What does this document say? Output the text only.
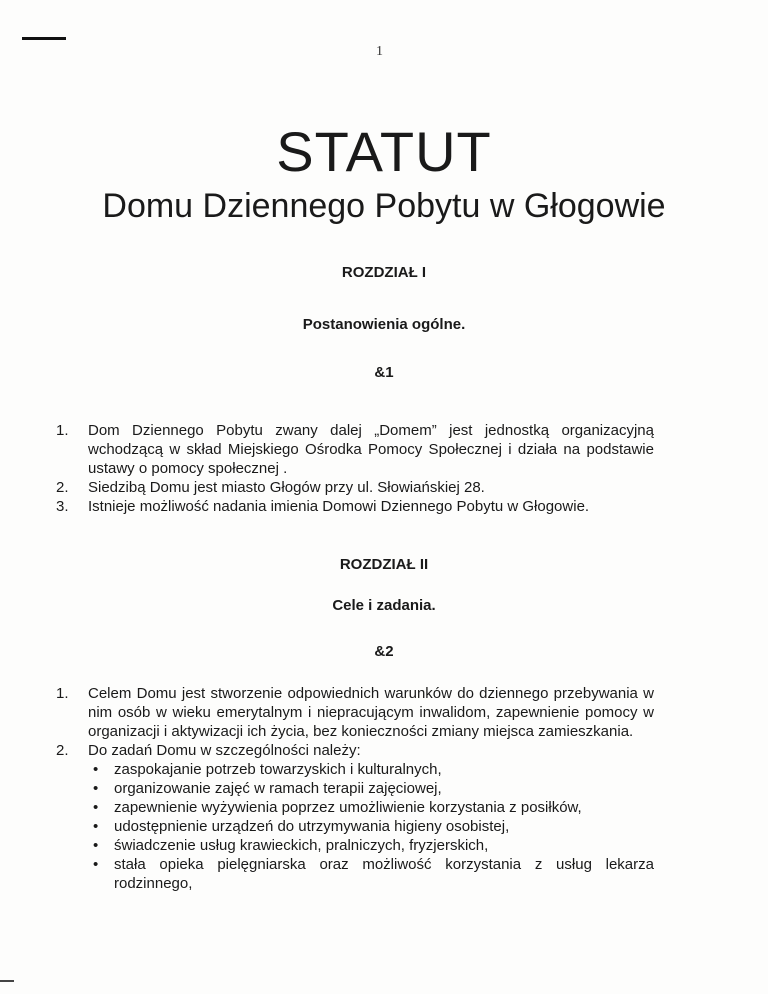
1
STATUT
Domu Dziennego Pobytu w Głogowie
ROZDZIAŁ I
Postanowienia ogólne.
&1
1. Dom Dziennego Pobytu zwany dalej „Domem” jest jednostką organizacyjną wchodzącą w skład Miejskiego Ośrodka Pomocy Społecznej i działa na podstawie ustawy o pomocy społecznej .
2. Siedzibą Domu jest miasto Głogów przy ul. Słowiańskiej 28.
3. Istnieje możliwość nadania imienia Domowi Dziennego Pobytu w Głogowie.
ROZDZIAŁ II
Cele i zadania.
&2
1. Celem Domu jest stworzenie odpowiednich warunków do dziennego przebywania w nim osób w wieku emerytalnym i niepracującym inwalidom, zapewnienie pomocy w organizacji i aktywizacji ich życia, bez konieczności zmiany miejsca zamieszkania.
2. Do zadań Domu w szczególności należy:
• zaspokajanie potrzeb towarzyskich i kulturalnych,
• organizowanie zajęć w ramach terapii zajęciowej,
• zapewnienie wyżywienia poprzez umożliwienie korzystania z posiłków,
• udostępnienie urządzeń do utrzymywania higieny osobistej,
• świadczenie usług krawieckich, pralniczych, fryzjerskich,
• stała opieka pielęgniarska oraz możliwość korzystania z usług lekarza rodzinnego,
